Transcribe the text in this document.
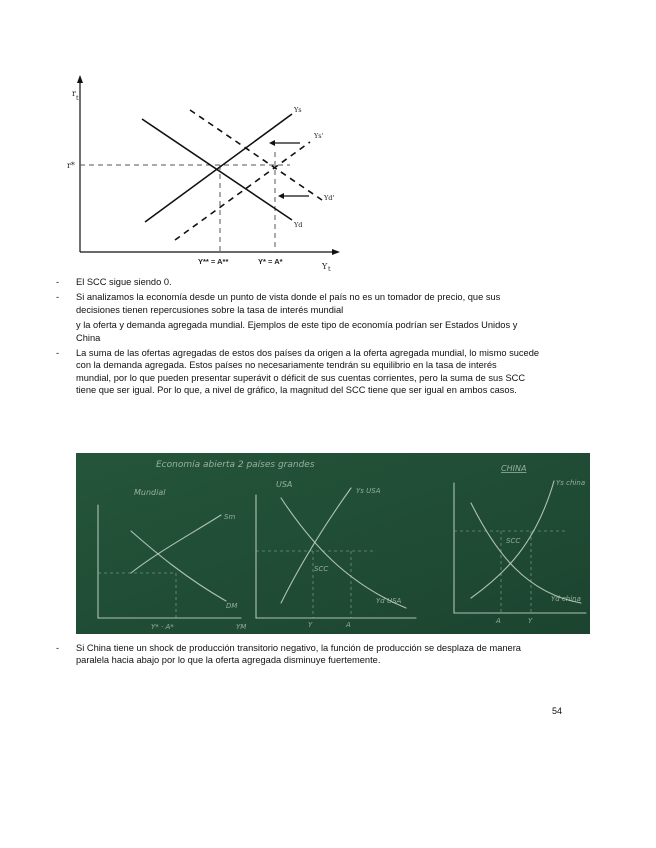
r t
r*
Ys
Ys'
Yd'
Yd
Y** = A**	Y* = A*
Y t

- El SCC sigue siendo 0.

- Si analizamos la economía desde un punto de vista donde el país no es un tomador de precio, que sus
decisiones tienen repercusiones sobre la tasa de interés mundial

y la oferta y demanda agregada mundial. Ejemplos de este tipo de economía podrían ser Estados Unidos y
China

- La suma de las ofertas agregadas de estos dos países da origen a la oferta agregada mundial, lo mismo sucede
con la demanda agregada. Estos países no necesariamente tendrán su equilibrio en la tasa de interés
mundial, por lo que pueden presentar superávit o déficit de sus cuentas corrientes, pero la suma de sus SCC
tiene que ser igual. Por lo que, a nivel de gráfico, la magnitud del SCC tiene que ser igual en ambos casos.

Economía abierta 2 países grandes
Mundial
Sm
DM
Y* · A*	YM
USA
Ys USA
SCC
Yd USA
Y	A
CHINA
Ys china
SCC
Yd china
A	Y

- Si China tiene un shock de producción transitorio negativo, la función de producción se desplaza de manera
paralela hacia abajo por lo que la oferta agregada disminuye fuertemente.

54
